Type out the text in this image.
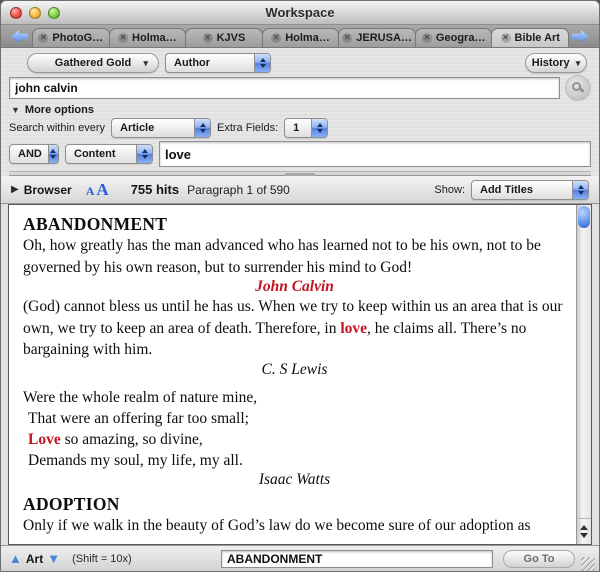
Workspace
✕ PhotoG… ✕ Holma…	✕ KJVS	✕ Holma… ✕ JERUSA… ✕ Geogra… ✕ Bible Art
Gathered Gold ▾	Author	History ▾
john calvin
▼ More options
Search within every	Article	Extra Fields:	1
AND	Content
love
▶ Browser A A 755 hits Paragraph 1 of 590	Show:	Add Titles
ABANDONMENT

Oh, how greatly has the man advanced who has learned not to be his own, not to be governed by his own reason, but to surrender his mind to God!

John Calvin

(God) cannot bless us until he has us. When we try to keep within us an area that is our own, we try to keep an area of death. Therefore, in love, he claims all. There’s no bargaining with him.

C. S Lewis
Were the whole realm of nature mine,
That were an offering far too small;
Love so amazing, so divine,
Demands my soul, my life, my all.
Isaac Watts
ADOPTION

Only if we walk in the beauty of God’s law do we become sure of our adoption as

▲ Art ▼ (Shift = 10x)
ABANDONMENT	Go To
